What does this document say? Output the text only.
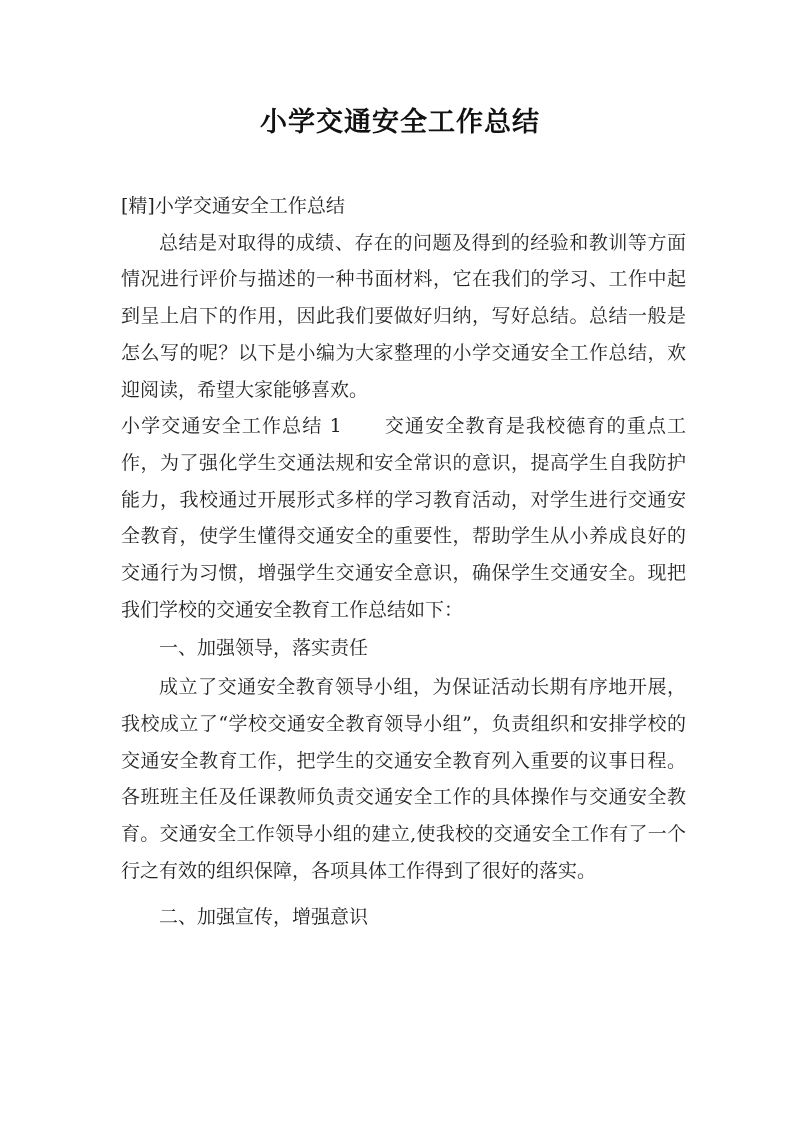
小学交通安全工作总结

[精]小学交通安全工作总结

总结是对取得的成绩、存在的问题及得到的经验和教训等方面情况进行评价与描述的一种书面材料，它在我们的学习、工作中起到呈上启下的作用，因此我们要做好归纳，写好总结。总结一般是怎么写的呢？以下是小编为大家整理的小学交通安全工作总结，欢迎阅读，希望大家能够喜欢。

小学交通安全工作总结 1 交通安全教育是我校德育的重点工作，为了强化学生交通法规和安全常识的意识，提高学生自我防护能力，我校通过开展形式多样的学习教育活动，对学生进行交通安全教育，使学生懂得交通安全的重要性，帮助学生从小养成良好的交通行为习惯，增强学生交通安全意识，确保学生交通安全。现把我们学校的交通安全教育工作总结如下：

一、加强领导，落实责任

成立了交通安全教育领导小组，为保证活动长期有序地开展，我校成立了“学校交通安全教育领导小组”，负责组织和安排学校的交通安全教育工作，把学生的交通安全教育列入重要的议事日程。各班班主任及任课教师负责交通安全工作的具体操作与交通安全教育。交通安全工作领导小组的建立,使我校的交通安全工作有了一个行之有效的组织保障，各项具体工作得到了很好的落实。

二、加强宣传，增强意识
